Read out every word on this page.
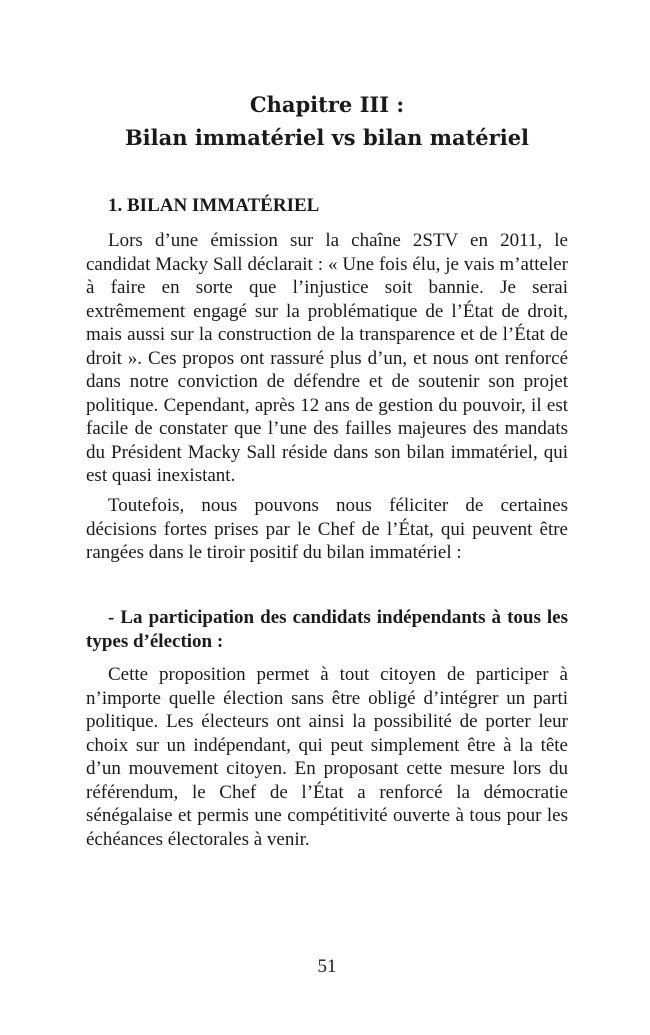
Chapitre III :
Bilan immatériel vs bilan matériel
1. BILAN IMMATÉRIEL

Lors d’une émission sur la chaîne 2STV en 2011, le candidat Macky Sall déclarait : « Une fois élu, je vais m’atteler à faire en sorte que l’injustice soit bannie. Je serai extrêmement engagé sur la problématique de l’État de droit, mais aussi sur la construction de la transparence et de l’État de droit ». Ces propos ont rassuré plus d’un, et nous ont renforcé dans notre conviction de défendre et de soutenir son projet politique. Cependant, après 12 ans de gestion du pouvoir, il est facile de constater que l’une des failles majeures des mandats du Président Macky Sall réside dans son bilan immatériel, qui est quasi inexistant.

Toutefois, nous pouvons nous féliciter de certaines décisions fortes prises par le Chef de l’État, qui peuvent être rangées dans le tiroir positif du bilan immatériel :

- La participation des candidats indépendants à tous les types d’élection :

Cette proposition permet à tout citoyen de participer à n’importe quelle élection sans être obligé d’intégrer un parti politique. Les électeurs ont ainsi la possibilité de porter leur choix sur un indépendant, qui peut simplement être à la tête d’un mouvement citoyen. En proposant cette mesure lors du référendum, le Chef de l’État a renforcé la démocratie sénégalaise et permis une compétitivité ouverte à tous pour les échéances électorales à venir.

51
